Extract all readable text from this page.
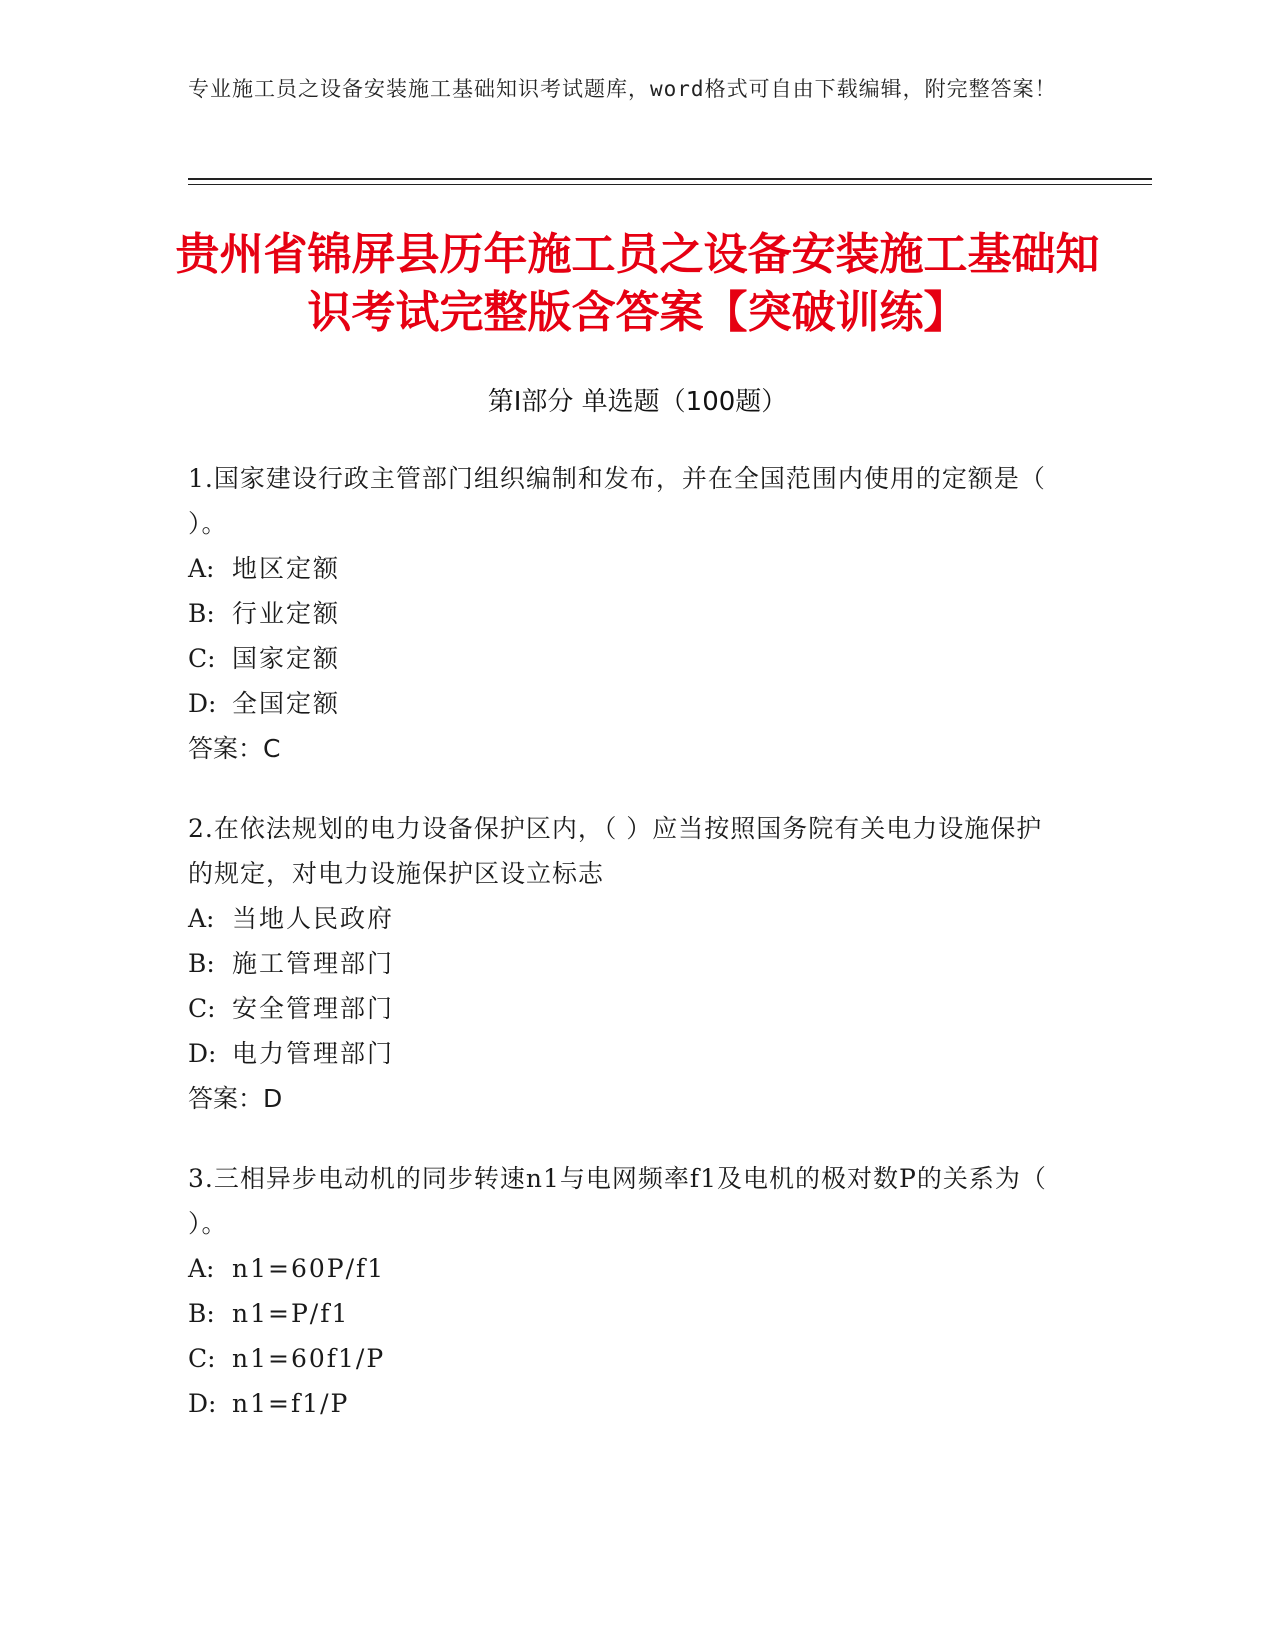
专业施工员之设备安装施工基础知识考试题库，word格式可自由下载编辑，附完整答案！
贵州省锦屏县历年施工员之设备安装施工基础知识考试完整版含答案【突破训练】
第Ⅰ部分 单选题（100题）
1.国家建设行政主管部门组织编制和发布，并在全国范围内使用的定额是（ ）。
A: 地区定额
B: 行业定额
C: 国家定额
D: 全国定额
答案：C
2.在依法规划的电力设备保护区内，（ ）应当按照国务院有关电力设施保护的规定，对电力设施保护区设立标志
A: 当地人民政府
B: 施工管理部门
C: 安全管理部门
D: 电力管理部门
答案：D
3.三相异步电动机的同步转速n1与电网频率f1及电机的极对数P的关系为（ ）。
A: n1=60P/f1
B: n1=P/f1
C: n1=60f1/P
D: n1=f1/P
